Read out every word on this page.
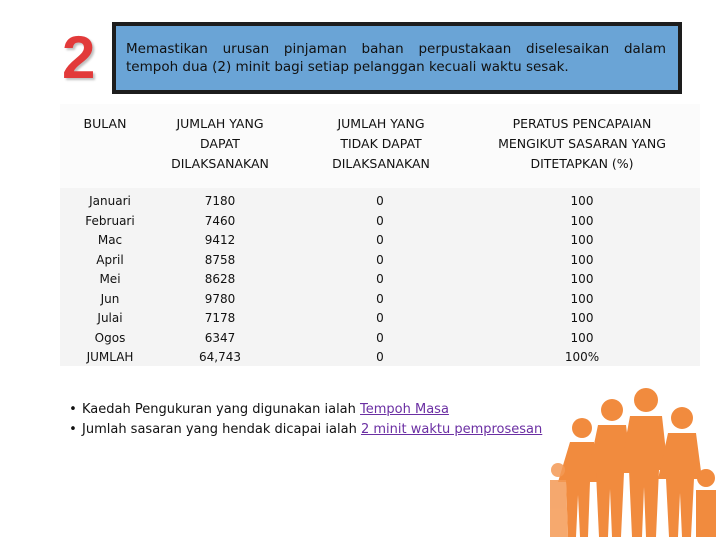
2 Memastikan urusan pinjaman bahan perpustakaan diselesaikan dalam
tempoh dua (2) minit bagi setiap pelanggan kecuali waktu sesak.
BULAN	JUMLAH YANG
DAPAT
DILAKSANAKAN
JUMLAH YANG
TIDAK DAPAT
DILAKSANAKAN
PERATUS PENCAPAIAN
MENGIKUT SASARAN YANG
DITETAPKAN (%)
Januari
Februari
Mac
April
Mei
Jun
Julai
Ogos
JUMLAH
7180
7460
9412
8758
8628
9780
7178
6347
64,743
0
0
0
0
0
0
0
0
0
100
100
100
100
100
100
100
100
100%
• Kaedah Pengukuran yang digunakan ialah Tempoh Masa
• Jumlah sasaran yang hendak dicapai ialah 2 minit waktu pemprosesan
